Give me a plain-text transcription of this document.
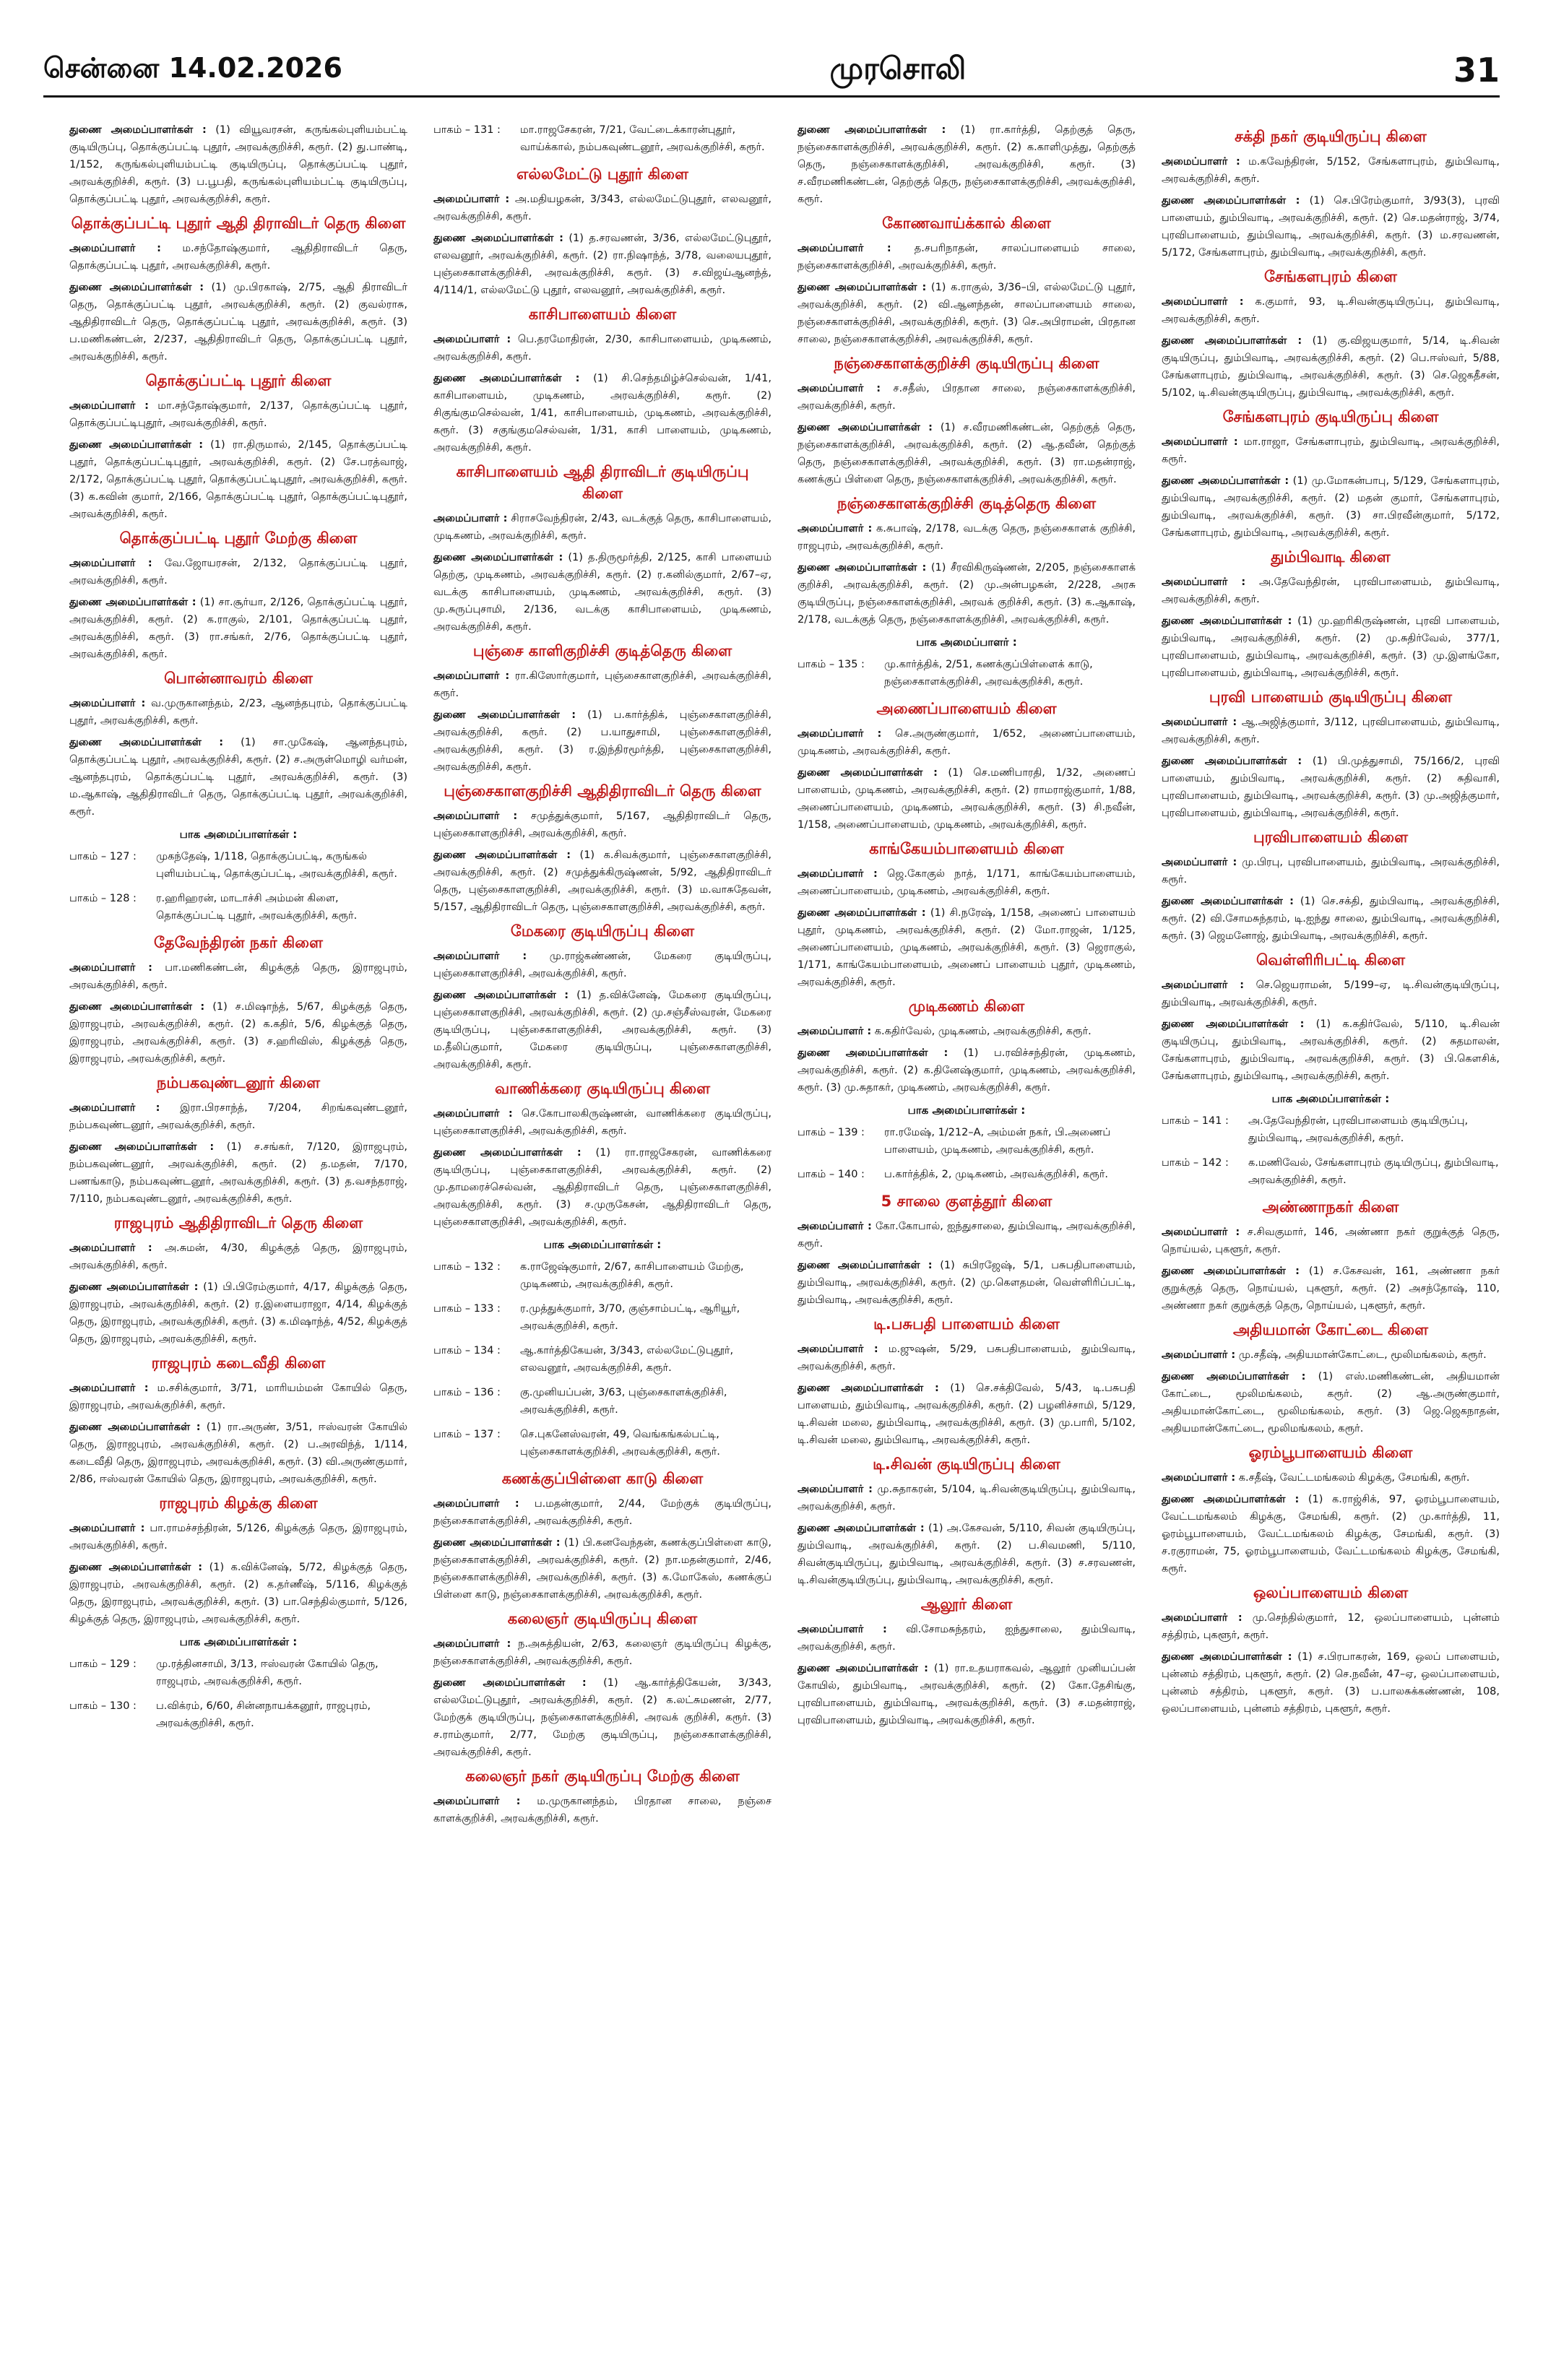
சென்னை 14.02.2026	முரசொலி	31

துணை அமைப்பாளர்கள் : (1) வியூவரசன், கருங்கல்புளியம்பட்டி குடியிருப்பு, தொக்குப்பட்டி புதூர், அரவக்குறிச்சி, கரூர். (2) து.பாண்டி, 1/152, கருங்கல்புளியம்பட்டி குடியிருப்பு, தொக்குப்பட்டி புதூர், அரவக்குறிச்சி, கரூர். (3) ப.பூபதி, கருங்கல்புளியம்பட்டி குடியிருப்பு, தொக்குப்பட்டி புதூர், அரவக்குறிச்சி, கரூர்.

தொக்குப்பட்டி புதூர் ஆதி திராவிடர் தெரு கிளை

அமைப்பாளர் : ம.சந்தோஷ்குமார், ஆதிதிராவிடர் தெரு, தொக்குப்பட்டி புதூர், அரவக்குறிச்சி, கரூர்.

துணை அமைப்பாளர்கள் : (1) மு.பிரகாஷ், 2/75, ஆதி திராவிடர் தெரு, தொக்குப்பட்டி புதூர், அரவக்குறிச்சி, கரூர். (2) குவல்ராசு, ஆதிதிராவிடர் தெரு, தொக்குப்பட்டி புதூர், அரவக்குறிச்சி, கரூர். (3) ப.மணிகண்டன், 2/237, ஆதிதிராவிடர் தெரு, தொக்குப்பட்டி புதூர், அரவக்குறிச்சி, கரூர்.

தொக்குப்பட்டி புதூர் கிளை

அமைப்பாளர் : மா.சந்தோஷ்குமார், 2/137, தொக்குப்பட்டி புதூர், தொக்குப்பட்டிபுதூர், அரவக்குறிச்சி, கரூர்.

துணை அமைப்பாளர்கள் : (1) ரா.திருமால், 2/145, தொக்குப்பட்டி புதூர், தொக்குப்பட்டிபுதூர், அரவக்குறிச்சி, கரூர். (2) சே.பரத்வாஜ், 2/172, தொக்குப்பட்டி புதூர், தொக்குப்பட்டிபுதூர், அரவக்குறிச்சி, கரூர். (3) க.கவின் குமார், 2/166, தொக்குப்பட்டி புதூர், தொக்குப்பட்டிபுதூர், அரவக்குறிச்சி, கரூர்.

தொக்குப்பட்டி புதூர் மேற்கு கிளை

அமைப்பாளர் : வே.ஜோயரசன், 2/132, தொக்குப்பட்டி புதூர், அரவக்குறிச்சி, கரூர்.

துணை அமைப்பாளர்கள் : (1) சா.சூர்யா, 2/126, தொக்குப்பட்டி புதூர், அரவக்குறிச்சி, கரூர். (2) க.ராகுல், 2/101, தொக்குப்பட்டி புதூர், அரவக்குறிச்சி, கரூர். (3) ரா.சங்கர், 2/76, தொக்குப்பட்டி புதூர், அரவக்குறிச்சி, கரூர்.

பொன்னாவரம் கிளை

அமைப்பாளர் : வ.முருகானந்தம், 2/23, ஆனந்தபுரம், தொக்குப்பட்டி புதூர், அரவக்குறிச்சி, கரூர்.

துணை அமைப்பாளர்கள் : (1) சா.முகேஷ், ஆனந்தபுரம், தொக்குப்பட்டி புதூர், அரவக்குறிச்சி, கரூர். (2) ச.அருள்மொழி வர்மன், ஆனந்தபுரம், தொக்குப்பட்டி புதூர், அரவக்குறிச்சி, கரூர். (3) ம.ஆகாஷ், ஆதிதிராவிடர் தெரு, தொக்குப்பட்டி புதூர், அரவக்குறிச்சி, கரூர்.

பாக அமைப்பாளர்கள் :
பாகம் – 127 :	முகந்தேஷ், 1/118, தொக்குப்பட்டி, கருங்கல் புளியம்பட்டி, தொக்குப்பட்டி, அரவக்குறிச்சி, கரூர்.
பாகம் – 128 :	ர.ஹரிஹரன், மாடாச்சி அம்மன் கிளை, தொக்குப்பட்டி புதூர், அரவக்குறிச்சி, கரூர்.
தேவேந்திரன் நகர் கிளை

அமைப்பாளர் : பா.மணிகண்டன், கிழக்குத் தெரு, இராஜபுரம், அரவக்குறிச்சி, கரூர்.

துணை அமைப்பாளர்கள் : (1) ச.மிஷாந்த், 5/67, கிழக்குத் தெரு, இராஜபுரம், அரவக்குறிச்சி, கரூர். (2) க.கதிர், 5/6, கிழக்குத் தெரு, இராஜபுரம், அரவக்குறிச்சி, கரூர். (3) ச.ஹரிவிஸ், கிழக்குத் தெரு, இராஜபுரம், அரவக்குறிச்சி, கரூர்.

நம்பகவுண்டனூர் கிளை

அமைப்பாளர் : இரா.பிரசாந்த், 7/204, சிறங்கவுண்டனூர், நம்பகவுண்டனூர், அரவக்குறிச்சி, கரூர்.

துணை அமைப்பாளர்கள் : (1) ச.சங்கர், 7/120, இராஜபுரம், நம்பகவுண்டனூர், அரவக்குறிச்சி, கரூர். (2) த.மதன், 7/170, பணங்காடு, நம்பகவுண்டனூர், அரவக்குறிச்சி, கரூர். (3) த.வசந்தராஜ், 7/110, நம்பகவுண்டனூர், அரவக்குறிச்சி, கரூர்.

ராஜபுரம் ஆதிதிராவிடர் தெரு கிளை

அமைப்பாளர் : அ.சுமன், 4/30, கிழக்குத் தெரு, இராஜபுரம், அரவக்குறிச்சி, கரூர்.

துணை அமைப்பாளர்கள் : (1) பி.பிரேம்குமார், 4/17, கிழக்குத் தெரு, இராஜபுரம், அரவக்குறிச்சி, கரூர். (2) ர.இளையராஜா, 4/14, கிழக்குத் தெரு, இராஜபுரம், அரவக்குறிச்சி, கரூர். (3) க.மிஷாந்த், 4/52, கிழக்குத் தெரு, இராஜபுரம், அரவக்குறிச்சி, கரூர்.

ராஜபுரம் கடைவீதி கிளை

அமைப்பாளர் : ம.சசிக்குமார், 3/71, மாரியம்மன் கோயில் தெரு, இராஜபுரம், அரவக்குறிச்சி, கரூர்.

துணை அமைப்பாளர்கள் : (1) ரா.அருண், 3/51, ஈஸ்வரன் கோயில் தெரு, இராஜபுரம், அரவக்குறிச்சி, கரூர். (2) ப.அரவிந்த், 1/114, கடைவீதி தெரு, இராஜபுரம், அரவக்குறிச்சி, கரூர். (3) வி.அருண்குமார், 2/86, ஈஸ்வரன் கோயில் தெரு, இராஜபுரம், அரவக்குறிச்சி, கரூர்.

ராஜபுரம் கிழக்கு கிளை

அமைப்பாளர் : பா.ராமச்சந்திரன், 5/126, கிழக்குத் தெரு, இராஜபுரம், அரவக்குறிச்சி, கரூர்.

துணை அமைப்பாளர்கள் : (1) க.விக்னேஷ், 5/72, கிழக்குத் தெரு, இராஜபுரம், அரவக்குறிச்சி, கரூர். (2) க.தர்ணீஷ், 5/116, கிழக்குத் தெரு, இராஜபுரம், அரவக்குறிச்சி, கரூர். (3) பா.செந்தில்குமார், 5/126, கிழக்குத் தெரு, இராஜபுரம், அரவக்குறிச்சி, கரூர்.

பாக அமைப்பாளர்கள் :
பாகம் – 129 :	மு.ரத்தினசாமி, 3/13, ஈஸ்வரன் கோயில் தெரு, ராஜபுரம், அரவக்குறிச்சி, கரூர்.
பாகம் – 130 :	ப.விக்ரம், 6/60, சின்னநாயக்கனூர், ராஜபுரம், அரவக்குறிச்சி, கரூர்.
பாகம் – 131 :	மா.ராஜசேகரன், 7/21, வேட்டைக்காரன்புதூர், வாய்க்கால், நம்பகவுண்டனூர், அரவக்குறிச்சி, கரூர்.
எல்லமேட்டு புதூர் கிளை

அமைப்பாளர் : அ.மதியழகன், 3/343, எல்லமேட்டுபுதூர், எலவனூர், அரவக்குறிச்சி, கரூர்.

துணை அமைப்பாளர்கள் : (1) த.சரவணன், 3/36, எல்லமேட்டுபுதூர், எலவனூர், அரவக்குறிச்சி, கரூர். (2) ரா.நிஷாந்த், 3/78, வலையபுதூர், புஞ்சைகாளக்குறிச்சி, அரவக்குறிச்சி, கரூர். (3) ச.விஜய்ஆனந்த், 4/114/1, எல்லமேட்டு புதூர், எலவனூர், அரவக்குறிச்சி, கரூர்.

காசிபாளையம் கிளை

அமைப்பாளர் : பெ.தரமோதிரன், 2/30, காசிபாளையம், முடிகணம், அரவக்குறிச்சி, கரூர்.

துணை அமைப்பாளர்கள் : (1) சி.செந்தமிழ்ச்செல்வன், 1/41, காசிபாளையம், முடிகணம், அரவக்குறிச்சி, கரூர். (2) சிகுங்குமசெல்வன், 1/41, காசிபாளையம், முடிகணம், அரவக்குறிச்சி, கரூர். (3) சகுங்குமசெல்வன், 1/31, காசி பாளையம், முடிகணம், அரவக்குறிச்சி, கரூர்.

காசிபாளையம் ஆதி திராவிடர் குடியிருப்பு கிளை

அமைப்பாளர் : சிராசவேந்திரன், 2/43, வடக்குத் தெரு, காசிபாளையம், முடிகணம், அரவக்குறிச்சி, கரூர்.

துணை அமைப்பாளர்கள் : (1) த.திருமூர்த்தி, 2/125, காசி பாளையம் தெற்கு, முடிகணம், அரவக்குறிச்சி, கரூர். (2) ர.கனில்குமார், 2/67–ஏ, வடக்கு காசிபாளையம், முடிகணம், அரவக்குறிச்சி, கரூர். (3) மு.சுருப்புசாமி, 2/136, வடக்கு காசிபாளையம், முடிகணம், அரவக்குறிச்சி, கரூர்.

புஞ்சை காளிகுறிச்சி குடித்தெரு கிளை

அமைப்பாளர் : ரா.கிஸோர்குமார், புஞ்சைகாளகுறிச்சி, அரவக்குறிச்சி, கரூர்.

துணை அமைப்பாளர்கள் : (1) ப.கார்த்திக், புஞ்சைகாளகுறிச்சி, அரவக்குறிச்சி, கரூர். (2) ப.யாதுசாமி, புஞ்சைகாளகுறிச்சி, அரவக்குறிச்சி, கரூர். (3) ர.இந்திரமூர்த்தி, புஞ்சைகாளகுறிச்சி, அரவக்குறிச்சி, கரூர்.

புஞ்சைகாளகுறிச்சி ஆதிதிராவிடர் தெரு கிளை

அமைப்பாளர் : சமுத்துக்குமார், 5/167, ஆதிதிராவிடர் தெரு, புஞ்சைகாளகுறிச்சி, அரவக்குறிச்சி, கரூர்.

துணை அமைப்பாளர்கள் : (1) க.சிவக்குமார், புஞ்சைகாளகுறிச்சி, அரவக்குறிச்சி, கரூர். (2) சமுத்துக்கிருஷ்ணன், 5/92, ஆதிதிராவிடர் தெரு, புஞ்சைகாளகுறிச்சி, அரவக்குறிச்சி, கரூர். (3) ம.வாசுதேவன், 5/157, ஆதிதிராவிடர் தெரு, புஞ்சைகாளகுறிச்சி, அரவக்குறிச்சி, கரூர்.

மேகரை குடியிருப்பு கிளை

அமைப்பாளர் : மு.ராஜ்கண்ணன், மேகரை குடியிருப்பு, புஞ்சைகாளகுறிச்சி, அரவக்குறிச்சி, கரூர்.

துணை அமைப்பாளர்கள் : (1) த.விக்னேஷ், மேகரை குடியிருப்பு, புஞ்சைகாளகுறிச்சி, அரவக்குறிச்சி, கரூர். (2) மு.சஞ்சீஸ்வரன், மேகரை குடியிருப்பு, புஞ்சைகாளகுறிச்சி, அரவக்குறிச்சி, கரூர். (3) ம.தீலிப்குமார், மேகரை குடியிருப்பு, புஞ்சைகாளகுறிச்சி, அரவக்குறிச்சி, கரூர்.

வாணிக்கரை குடியிருப்பு கிளை

அமைப்பாளர் : செ.கோபாலகிருஷ்ணன், வாணிக்கரை குடியிருப்பு, புஞ்சைகாளகுறிச்சி, அரவக்குறிச்சி, கரூர்.

துணை அமைப்பாளர்கள் : (1) ரா.ராஜசேகரன், வாணிக்கரை குடியிருப்பு, புஞ்சைகாளகுறிச்சி, அரவக்குறிச்சி, கரூர். (2) மு.தாமரைச்செல்வன், ஆதிதிராவிடர் தெரு, புஞ்சைகாளகுறிச்சி, அரவக்குறிச்சி, கரூர். (3) ச.முருகேசன், ஆதிதிராவிடர் தெரு, புஞ்சைகாளகுறிச்சி, அரவக்குறிச்சி, கரூர்.

பாக அமைப்பாளர்கள் :
பாகம் – 132 :	க.ராஜேஷ்குமார், 2/67, காசிபாளையம் மேற்கு, முடிகணம், அரவக்குறிச்சி, கரூர்.
பாகம் – 133 :	ர.முத்துக்குமார், 3/70, குஞ்சாம்பட்டி, ஆரியூர், அரவக்குறிச்சி, கரூர்.
பாகம் – 134 :	ஆ.கார்த்திகேயன், 3/343, எல்லமேட்டுபுதூர், எலவனூர், அரவக்குறிச்சி, கரூர்.
பாகம் – 136 :	கு.முனியப்பன், 3/63, புஞ்சைகாளக்குறிச்சி, அரவக்குறிச்சி, கரூர்.
பாகம் – 137 :	செ.புகனேஸ்வரன், 49, வெங்கங்கல்பட்டி, புஞ்சைகாளக்குறிச்சி, அரவக்குறிச்சி, கரூர்.
கணக்குப்பிள்ளை காடு கிளை

அமைப்பாளர் : ப.மதன்குமார், 2/44, மேற்குக் குடியிருப்பு, நஞ்சைகாளக்குறிச்சி, அரவக்குறிச்சி, கரூர்.

துணை அமைப்பாளர்கள் : (1) பி.கனவேந்தன், கணக்குப்பிள்ளை காடு, நஞ்சைகாளக்குறிச்சி, அரவக்குறிச்சி, கரூர். (2) நா.மதன்குமார், 2/46, நஞ்சைகாளக்குறிச்சி, அரவக்குறிச்சி, கரூர். (3) க.மோகேஸ், கணக்குப் பிள்ளை காடு, நஞ்சைகாளக்குறிச்சி, அரவக்குறிச்சி, கரூர்.

கலைஞர் குடியிருப்பு கிளை

அமைப்பாளர் : ந.அசுத்தியன், 2/63, கலைஞர் குடியிருப்பு கிழக்கு, நஞ்சைகாளக்குறிச்சி, அரவக்குறிச்சி, கரூர்.

துணை அமைப்பாளர்கள் : (1) ஆ.கார்த்திகேயன், 3/343, எல்லமேட்டுபுதூர், அரவக்குறிச்சி, கரூர். (2) க.லட்சுமணன், 2/77, மேற்குக் குடியிருப்பு, நஞ்சைகாளக்குறிச்சி, அரவக் குறிச்சி, கரூர். (3) ச.ராம்குமார், 2/77, மேற்கு குடியிருப்பு, நஞ்சைகாளக்குறிச்சி, அரவக்குறிச்சி, கரூர்.

கலைஞர் நகர் குடியிருப்பு மேற்கு கிளை

அமைப்பாளர் : ம.முருகானந்தம், பிரதான சாலை, நஞ்சை காளக்குறிச்சி, அரவக்குறிச்சி, கரூர்.

துணை அமைப்பாளர்கள் : (1) ரா.கார்த்தி, தெற்குத் தெரு, நஞ்சைகாளக்குறிச்சி, அரவக்குறிச்சி, கரூர். (2) க.காளிமுத்து, தெற்குத் தெரு, நஞ்சைகாளக்குறிச்சி, அரவக்குறிச்சி, கரூர். (3) ச.வீரமணிகண்டன், தெற்குத் தெரு, நஞ்சைகாளக்குறிச்சி, அரவக்குறிச்சி, கரூர்.

கோணவாய்க்கால் கிளை

அமைப்பாளர் : த.சபரிநாதன், சாலப்பாளையம் சாலை, நஞ்சைகாளக்குறிச்சி, அரவக்குறிச்சி, கரூர்.

துணை அமைப்பாளர்கள் : (1) க.ராகுல், 3/36–பி, எல்லமேட்டு புதூர், அரவக்குறிச்சி, கரூர். (2) வி.ஆனந்தன், சாலப்பாளையம் சாலை, நஞ்சைகாளக்குறிச்சி, அரவக்குறிச்சி, கரூர். (3) செ.அபிராமன், பிரதான சாலை, நஞ்சைகாளக்குறிச்சி, அரவக்குறிச்சி, கரூர்.

நஞ்சைகாளக்குறிச்சி குடியிருப்பு கிளை

அமைப்பாளர் : ச.சதீஸ், பிரதான சாலை, நஞ்சைகாளக்குறிச்சி, அரவக்குறிச்சி, கரூர்.

துணை அமைப்பாளர்கள் : (1) ச.வீரமணிகண்டன், தெற்குத் தெரு, நஞ்சைகாளக்குறிச்சி, அரவக்குறிச்சி, கரூர். (2) ஆ.தவீன், தெற்குத் தெரு, நஞ்சைகாளக்குறிச்சி, அரவக்குறிச்சி, கரூர். (3) ரா.மதன்ராஜ், கணக்குப் பிள்ளை தெரு, நஞ்சைகாளக்குறிச்சி, அரவக்குறிச்சி, கரூர்.

நஞ்சைகாளக்குறிச்சி குடித்தெரு கிளை

அமைப்பாளர் : க.சுபாஷ், 2/178, வடக்கு தெரு, நஞ்சைகாளக் குறிச்சி, ராஜபுரம், அரவக்குறிச்சி, கரூர்.

துணை அமைப்பாளர்கள் : (1) சீரவிகிருஷ்ணன், 2/205, நஞ்சைகாளக் குறிச்சி, அரவக்குறிச்சி, கரூர். (2) மு.அன்பழகன், 2/228, அரசு குடியிருப்பு, நஞ்சைகாளக்குறிச்சி, அரவக் குறிச்சி, கரூர். (3) க.ஆகாஷ், 2/178, வடக்குத் தெரு, நஞ்சைகாளக்குறிச்சி, அரவக்குறிச்சி, கரூர்.

பாக அமைப்பாளர் :
பாகம் – 135 :	மு.கார்த்திக், 2/51, கணக்குப்பிள்ளைக் காடு, நஞ்சைகாளக்குறிச்சி, அரவக்குறிச்சி, கரூர்.
அணைப்பாளையம் கிளை

அமைப்பாளர் : செ.அருண்குமார், 1/652, அணைப்பாளையம், முடிகணம், அரவக்குறிச்சி, கரூர்.

துணை அமைப்பாளர்கள் : (1) செ.மணிபாரதி, 1/32, அணைப் பாளையம், முடிகணம், அரவக்குறிச்சி, கரூர். (2) ராமராஜ்குமார், 1/88, அணைப்பாளையம், முடிகணம், அரவக்குறிச்சி, கரூர். (3) சி.நவீன், 1/158, அணைப்பாளையம், முடிகணம், அரவக்குறிச்சி, கரூர்.

காங்கேயம்பாளையம் கிளை

அமைப்பாளர் : ஜெ.கோகுல் நாத், 1/171, காங்கேயம்பாளையம், அணைப்பாளையம், முடிகணம், அரவக்குறிச்சி, கரூர்.

துணை அமைப்பாளர்கள் : (1) சி.நரேஷ், 1/158, அணைப் பாளையம் புதூர், முடிகணம், அரவக்குறிச்சி, கரூர். (2) மோ.ராஜன், 1/125, அணைப்பாளையம், முடிகணம், அரவக்குறிச்சி, கரூர். (3) ஜெராகுல், 1/171, காங்கேயம்பாளையம், அணைப் பாளையம் புதூர், முடிகணம், அரவக்குறிச்சி, கரூர்.

முடிகணம் கிளை

அமைப்பாளர் : க.கதிர்வேல், முடிகணம், அரவக்குறிச்சி, கரூர்.

துணை அமைப்பாளர்கள் : (1) ப.ரவிச்சந்திரன், முடிகணம், அரவக்குறிச்சி, கரூர். (2) க.தினேஷ்குமார், முடிகணம், அரவக்குறிச்சி, கரூர். (3) மு.சுதாகர், முடிகணம், அரவக்குறிச்சி, கரூர்.

பாக அமைப்பாளர்கள் :
பாகம் – 139 :	ரா.ரமேஷ், 1/212–A, அம்மன் நகர், பி.அணைப் பாளையம், முடிகணம், அரவக்குறிச்சி, கரூர்.
பாகம் – 140 :	ப.கார்த்திக், 2, முடிகணம், அரவக்குறிச்சி, கரூர்.
5 சாலை குளத்தூர் கிளை

அமைப்பாளர் : கோ.கோபால், ஐந்துசாலை, தும்பிவாடி, அரவக்குறிச்சி, கரூர்.

துணை அமைப்பாளர்கள் : (1) சுபிரஜேஷ், 5/1, பசுபதிபாளையம், தும்பிவாடி, அரவக்குறிச்சி, கரூர். (2) மு.கௌதமன், வெள்ளிரிப்பட்டி, தும்பிவாடி, அரவக்குறிச்சி, கரூர்.

டி.பசுபதி பாளையம் கிளை

அமைப்பாளர் : ம.ஜுஷன், 5/29, பசுபதிபாளையம், தும்பிவாடி, அரவக்குறிச்சி, கரூர்.

துணை அமைப்பாளர்கள் : (1) செ.சக்திவேல், 5/43, டி.பசுபதி பாளையம், தும்பிவாடி, அரவக்குறிச்சி, கரூர். (2) பழனிச்சாமி, 5/129, டி.சிவன் மலை, தும்பிவாடி, அரவக்குறிச்சி, கரூர். (3) மு.பாரி, 5/102, டி.சிவன் மலை, தும்பிவாடி, அரவக்குறிச்சி, கரூர்.

டி.சிவன் குடியிருப்பு கிளை

அமைப்பாளர் : மு.சுதாகரன், 5/104, டி.சிவன்குடியிருப்பு, தும்பிவாடி, அரவக்குறிச்சி, கரூர்.

துணை அமைப்பாளர்கள் : (1) அ.கேசவன், 5/110, சிவன் குடியிருப்பு, தும்பிவாடி, அரவக்குறிச்சி, கரூர். (2) ப.சிவமணி, 5/110, சிவன்குடியிருப்பு, தும்பிவாடி, அரவக்குறிச்சி, கரூர். (3) ச.சரவணன், டி.சிவன்குடியிருப்பு, தும்பிவாடி, அரவக்குறிச்சி, கரூர்.

ஆலூர் கிளை

அமைப்பாளர் : வி.சோமசுந்தரம், ஐந்துசாலை, தும்பிவாடி, அரவக்குறிச்சி, கரூர்.

துணை அமைப்பாளர்கள் : (1) ரா.உதயராகவல், ஆலூர் முனியப்பன் கோயில், தும்பிவாடி, அரவக்குறிச்சி, கரூர். (2) கோ.தேசிங்கு, புரவிபாளையம், தும்பிவாடி, அரவக்குறிச்சி, கரூர். (3) ச.மதன்ராஜ், புரவிபாளையம், தும்பிவாடி, அரவக்குறிச்சி, கரூர்.

சக்தி நகர் குடியிருப்பு கிளை

அமைப்பாளர் : ம.கவேந்திரன், 5/152, சேங்களாபுரம், தும்பிவாடி, அரவக்குறிச்சி, கரூர்.

துணை அமைப்பாளர்கள் : (1) செ.பிரேம்குமார், 3/93(3), புரவி பாளையம், தும்பிவாடி, அரவக்குறிச்சி, கரூர். (2) செ.மதன்ராஜ், 3/74, புரவிபாளையம், தும்பிவாடி, அரவக்குறிச்சி, கரூர். (3) ம.சரவணன், 5/172, சேங்களாபுரம், தும்பிவாடி, அரவக்குறிச்சி, கரூர்.

சேங்களபுரம் கிளை

அமைப்பாளர் : க.குமார், 93, டி.சிவன்குடியிருப்பு, தும்பிவாடி, அரவக்குறிச்சி, கரூர்.

துணை அமைப்பாளர்கள் : (1) கு.விஜயகுமார், 5/14, டி.சிவன் குடியிருப்பு, தும்பிவாடி, அரவக்குறிச்சி, கரூர். (2) பெ.ஈஸ்வர், 5/88, சேங்களாபுரம், தும்பிவாடி, அரவக்குறிச்சி, கரூர். (3) செ.ஜெகதீசன், 5/102, டி.சிவன்குடியிருப்பு, தும்பிவாடி, அரவக்குறிச்சி, கரூர்.

சேங்களபுரம் குடியிருப்பு கிளை

அமைப்பாளர் : மா.ராஜா, சேங்களாபுரம், தும்பிவாடி, அரவக்குறிச்சி, கரூர்.

துணை அமைப்பாளர்கள் : (1) மு.மோகன்பாபு, 5/129, சேங்களாபுரம், தும்பிவாடி, அரவக்குறிச்சி, கரூர். (2) மதன் குமார், சேங்களாபுரம், தும்பிவாடி, அரவக்குறிச்சி, கரூர். (3) சா.பிரவீன்குமார், 5/172, சேங்களாபுரம், தும்பிவாடி, அரவக்குறிச்சி, கரூர்.

தும்பிவாடி கிளை

அமைப்பாளர் : அ.தேவேந்திரன், புரவிபாளையம், தும்பிவாடி, அரவக்குறிச்சி, கரூர்.

துணை அமைப்பாளர்கள் : (1) மு.ஹரிகிருஷ்ணன், புரவி பாளையம், தும்பிவாடி, அரவக்குறிச்சி, கரூர். (2) மு.சுதிர்வேல், 377/1, புரவிபாளையம், தும்பிவாடி, அரவக்குறிச்சி, கரூர். (3) மு.இளங்கோ, புரவிபாளையம், தும்பிவாடி, அரவக்குறிச்சி, கரூர்.

புரவி பாளையம் குடியிருப்பு கிளை

அமைப்பாளர் : ஆ.அஜித்குமார், 3/112, புரவிபாளையம், தும்பிவாடி, அரவக்குறிச்சி, கரூர்.

துணை அமைப்பாளர்கள் : (1) பி.முத்துசாமி, 75/166/2, புரவி பாளையம், தும்பிவாடி, அரவக்குறிச்சி, கரூர். (2) சுதிவாசி, புரவிபாளையம், தும்பிவாடி, அரவக்குறிச்சி, கரூர். (3) மு.அஜித்குமார், புரவிபாளையம், தும்பிவாடி, அரவக்குறிச்சி, கரூர்.

புரவிபாளையம் கிளை

அமைப்பாளர் : மு.பிரபு, புரவிபாளையம், தும்பிவாடி, அரவக்குறிச்சி, கரூர்.

துணை அமைப்பாளர்கள் : (1) செ.சக்தி, தும்பிவாடி, அரவக்குறிச்சி, கரூர். (2) வி.சோமசுந்தரம், டி.ஐந்து சாலை, தும்பிவாடி, அரவக்குறிச்சி, கரூர். (3) ஜெமனோஜ், தும்பிவாடி, அரவக்குறிச்சி, கரூர்.

வெள்ளிரிபட்டி கிளை

அமைப்பாளர் : செ.ஜெயராமன், 5/199–ஏ, டி.சிவன்குடியிருப்பு, தும்பிவாடி, அரவக்குறிச்சி, கரூர்.

துணை அமைப்பாளர்கள் : (1) க.கதிர்வேல், 5/110, டி.சிவன் குடியிருப்பு, தும்பிவாடி, அரவக்குறிச்சி, கரூர். (2) சுதமாலன், சேங்களாபுரம், தும்பிவாடி, அரவக்குறிச்சி, கரூர். (3) பி.கௌசிக், சேங்களாபுரம், தும்பிவாடி, அரவக்குறிச்சி, கரூர்.

பாக அமைப்பாளர்கள் :
பாகம் – 141 :	அ.தேவேந்திரன், புரவிபாளையம் குடியிருப்பு, தும்பிவாடி, அரவக்குறிச்சி, கரூர்.
பாகம் – 142 :	க.மணிவேல், சேங்களாபுரம் குடியிருப்பு, தும்பிவாடி, அரவக்குறிச்சி, கரூர்.
அண்ணாநகர் கிளை

அமைப்பாளர் : ச.சிவகுமார், 146, அண்ணா நகர் குறுக்குத் தெரு, நொய்யல், புகளூர், கரூர்.

துணை அமைப்பாளர்கள் : (1) ச.கேசவன், 161, அண்ணா நகர் குறுக்குத் தெரு, நொய்யல், புகளூர், கரூர். (2) அசந்தோஷ், 110, அண்ணா நகர் குறுக்குத் தெரு, நொய்யல், புகளூர், கரூர்.

அதியமான் கோட்டை கிளை

அமைப்பாளர் : மு.சதீஷ், அதியமான்கோட்டை, மூலிமங்கலம், கரூர்.

துணை அமைப்பாளர்கள் : (1) எஸ்.மணிகண்டன், அதியமான் கோட்டை, மூலிமங்கலம், கரூர். (2) ஆ.அருண்குமார், அதியமான்கோட்டை, மூலிமங்கலம், கரூர். (3) ஜெ.ஜெகநாதன், அதியமான்கோட்டை, மூலிமங்கலம், கரூர்.

ஓரம்பூபாளையம் கிளை

அமைப்பாளர் : க.சதீஷ், வேட்டமங்கலம் கிழக்கு, சேமங்கி, கரூர்.

துணை அமைப்பாளர்கள் : (1) க.ராஜ்சிக், 97, ஓரம்பூபாளையம், வேட்டமங்கலம் கிழக்கு, சேமங்கி, கரூர். (2) மு.கார்த்தி, 11, ஓரம்பூபாளையம், வேட்டமங்கலம் கிழக்கு, சேமங்கி, கரூர். (3) ச.ரகுராமன், 75, ஓரம்பூபாளையம், வேட்டமங்கலம் கிழக்கு, சேமங்கி, கரூர்.

ஒலப்பாளையம் கிளை

அமைப்பாளர் : மு.செந்தில்குமார், 12, ஒலப்பாளையம், புன்னம் சத்திரம், புகளூர், கரூர்.

துணை அமைப்பாளர்கள் : (1) ச.பிரபாகரன், 169, ஒலப் பாளையம், புன்னம் சத்திரம், புகளூர், கரூர். (2) செ.நவீன், 47–ஏ, ஒலப்பாளையம், புன்னம் சத்திரம், புகளூர், கரூர். (3) ப.பாலசுக்கண்ணன், 108, ஒலப்பாளையம், புன்னம் சத்திரம், புகளூர், கரூர்.
